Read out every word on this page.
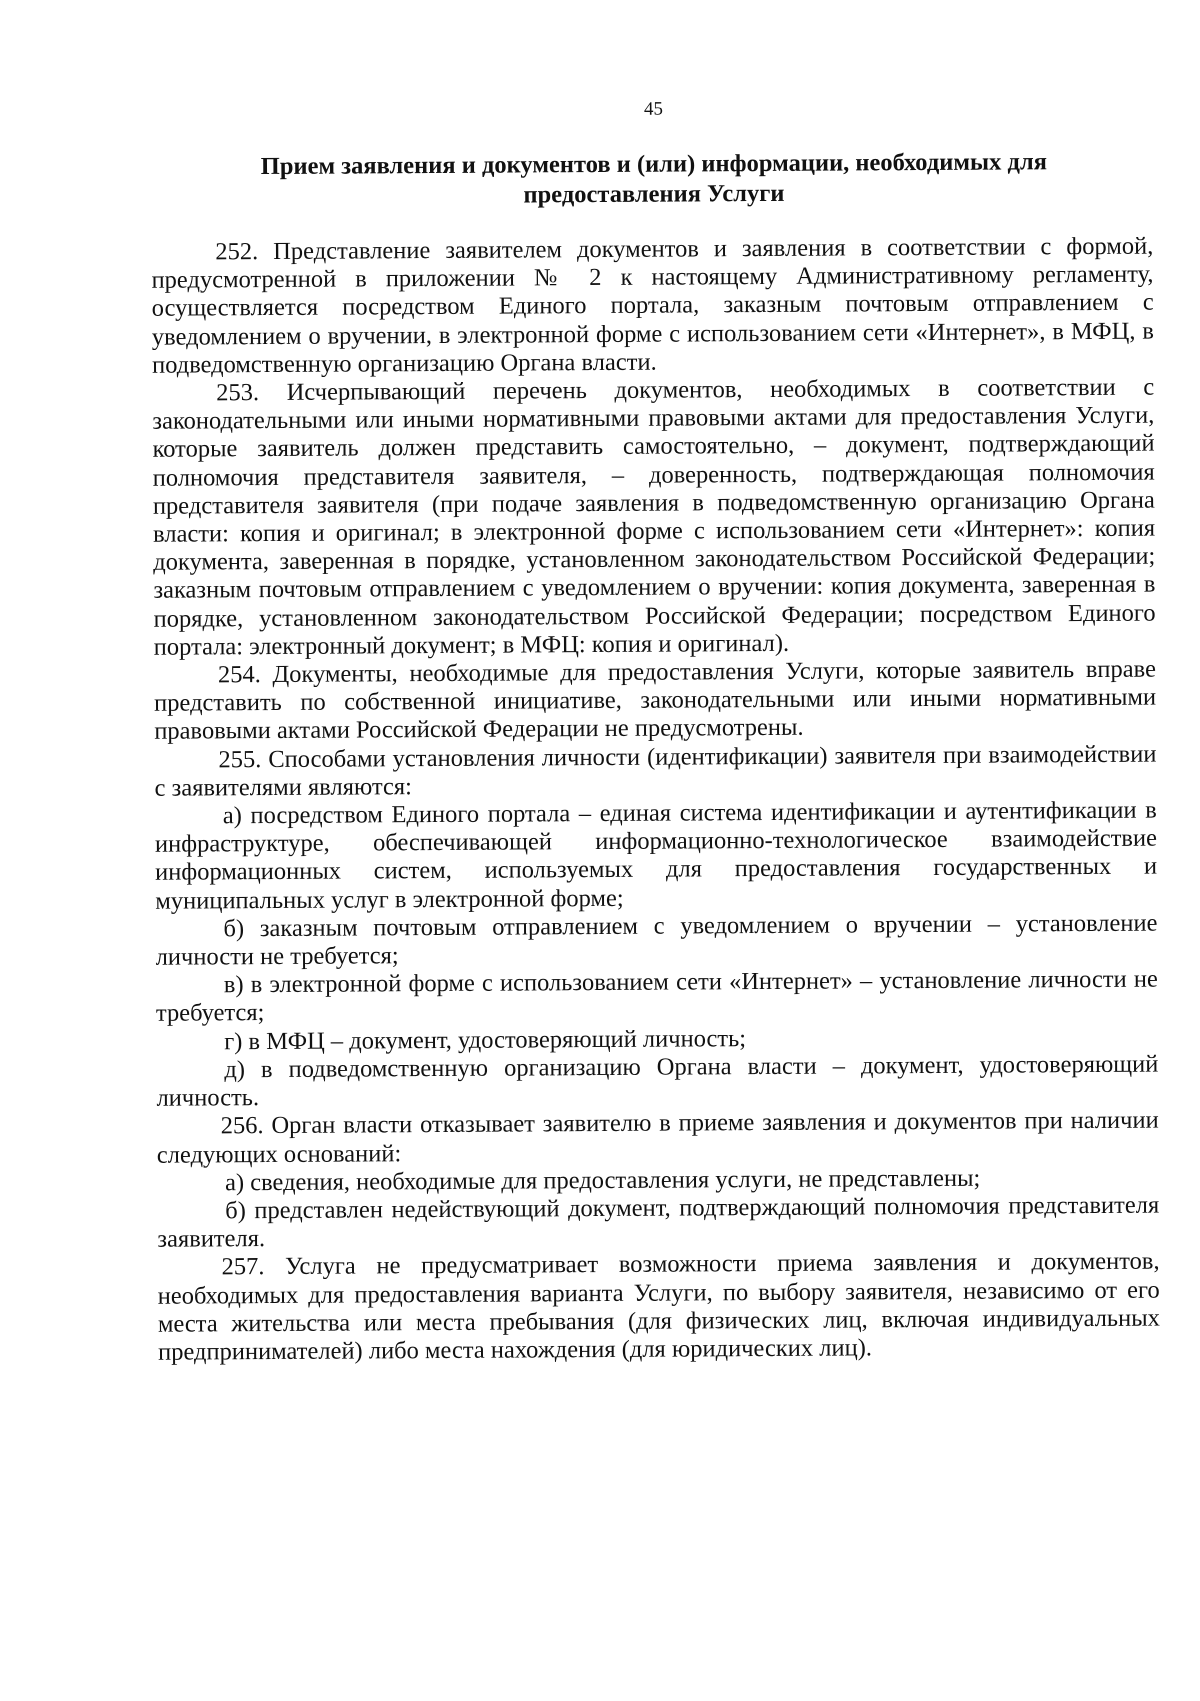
45
Прием заявления и документов и (или) информации, необходимых для предоставления Услуги

252. Представление заявителем документов и заявления в соответствии с формой, предусмотренной в приложении № 2 к настоящему Административному регламенту, осуществляется посредством Единого портала, заказным почтовым отправлением с уведомлением о вручении, в электронной форме с использованием сети «Интернет», в МФЦ, в подведомственную организацию Органа власти.

253. Исчерпывающий перечень документов, необходимых в соответствии с законодательными или иными нормативными правовыми актами для предоставления Услуги, которые заявитель должен представить самостоятельно, – документ, подтверждающий полномочия представителя заявителя, – доверенность, подтверждающая полномочия представителя заявителя (при подаче заявления в подведомственную организацию Органа власти: копия и оригинал; в электронной форме с использованием сети «Интернет»: копия документа, заверенная в порядке, установленном законодательством Российской Федерации; заказным почтовым отправлением с уведомлением о вручении: копия документа, заверенная в порядке, установленном законодательством Российской Федерации; посредством Единого портала: электронный документ; в МФЦ: копия и оригинал).

254. Документы, необходимые для предоставления Услуги, которые заявитель вправе представить по собственной инициативе, законодательными или иными нормативными правовыми актами Российской Федерации не предусмотрены.

255. Способами установления личности (идентификации) заявителя при взаимодействии с заявителями являются:

а) посредством Единого портала – единая система идентификации и аутентификации в инфраструктуре, обеспечивающей информационно-технологическое взаимодействие информационных систем, используемых для предоставления государственных и муниципальных услуг в электронной форме;

б) заказным почтовым отправлением с уведомлением о вручении – установление личности не требуется;

в) в электронной форме с использованием сети «Интернет» – установление личности не требуется;

г) в МФЦ – документ, удостоверяющий личность;

д) в подведомственную организацию Органа власти – документ, удостоверяющий личность.

256. Орган власти отказывает заявителю в приеме заявления и документов при наличии следующих оснований:

а) сведения, необходимые для предоставления услуги, не представлены;

б) представлен недействующий документ, подтверждающий полномочия представителя заявителя.

257. Услуга не предусматривает возможности приема заявления и документов, необходимых для предоставления варианта Услуги, по выбору заявителя, независимо от его места жительства или места пребывания (для физических лиц, включая индивидуальных предпринимателей) либо места нахождения (для юридических лиц).
